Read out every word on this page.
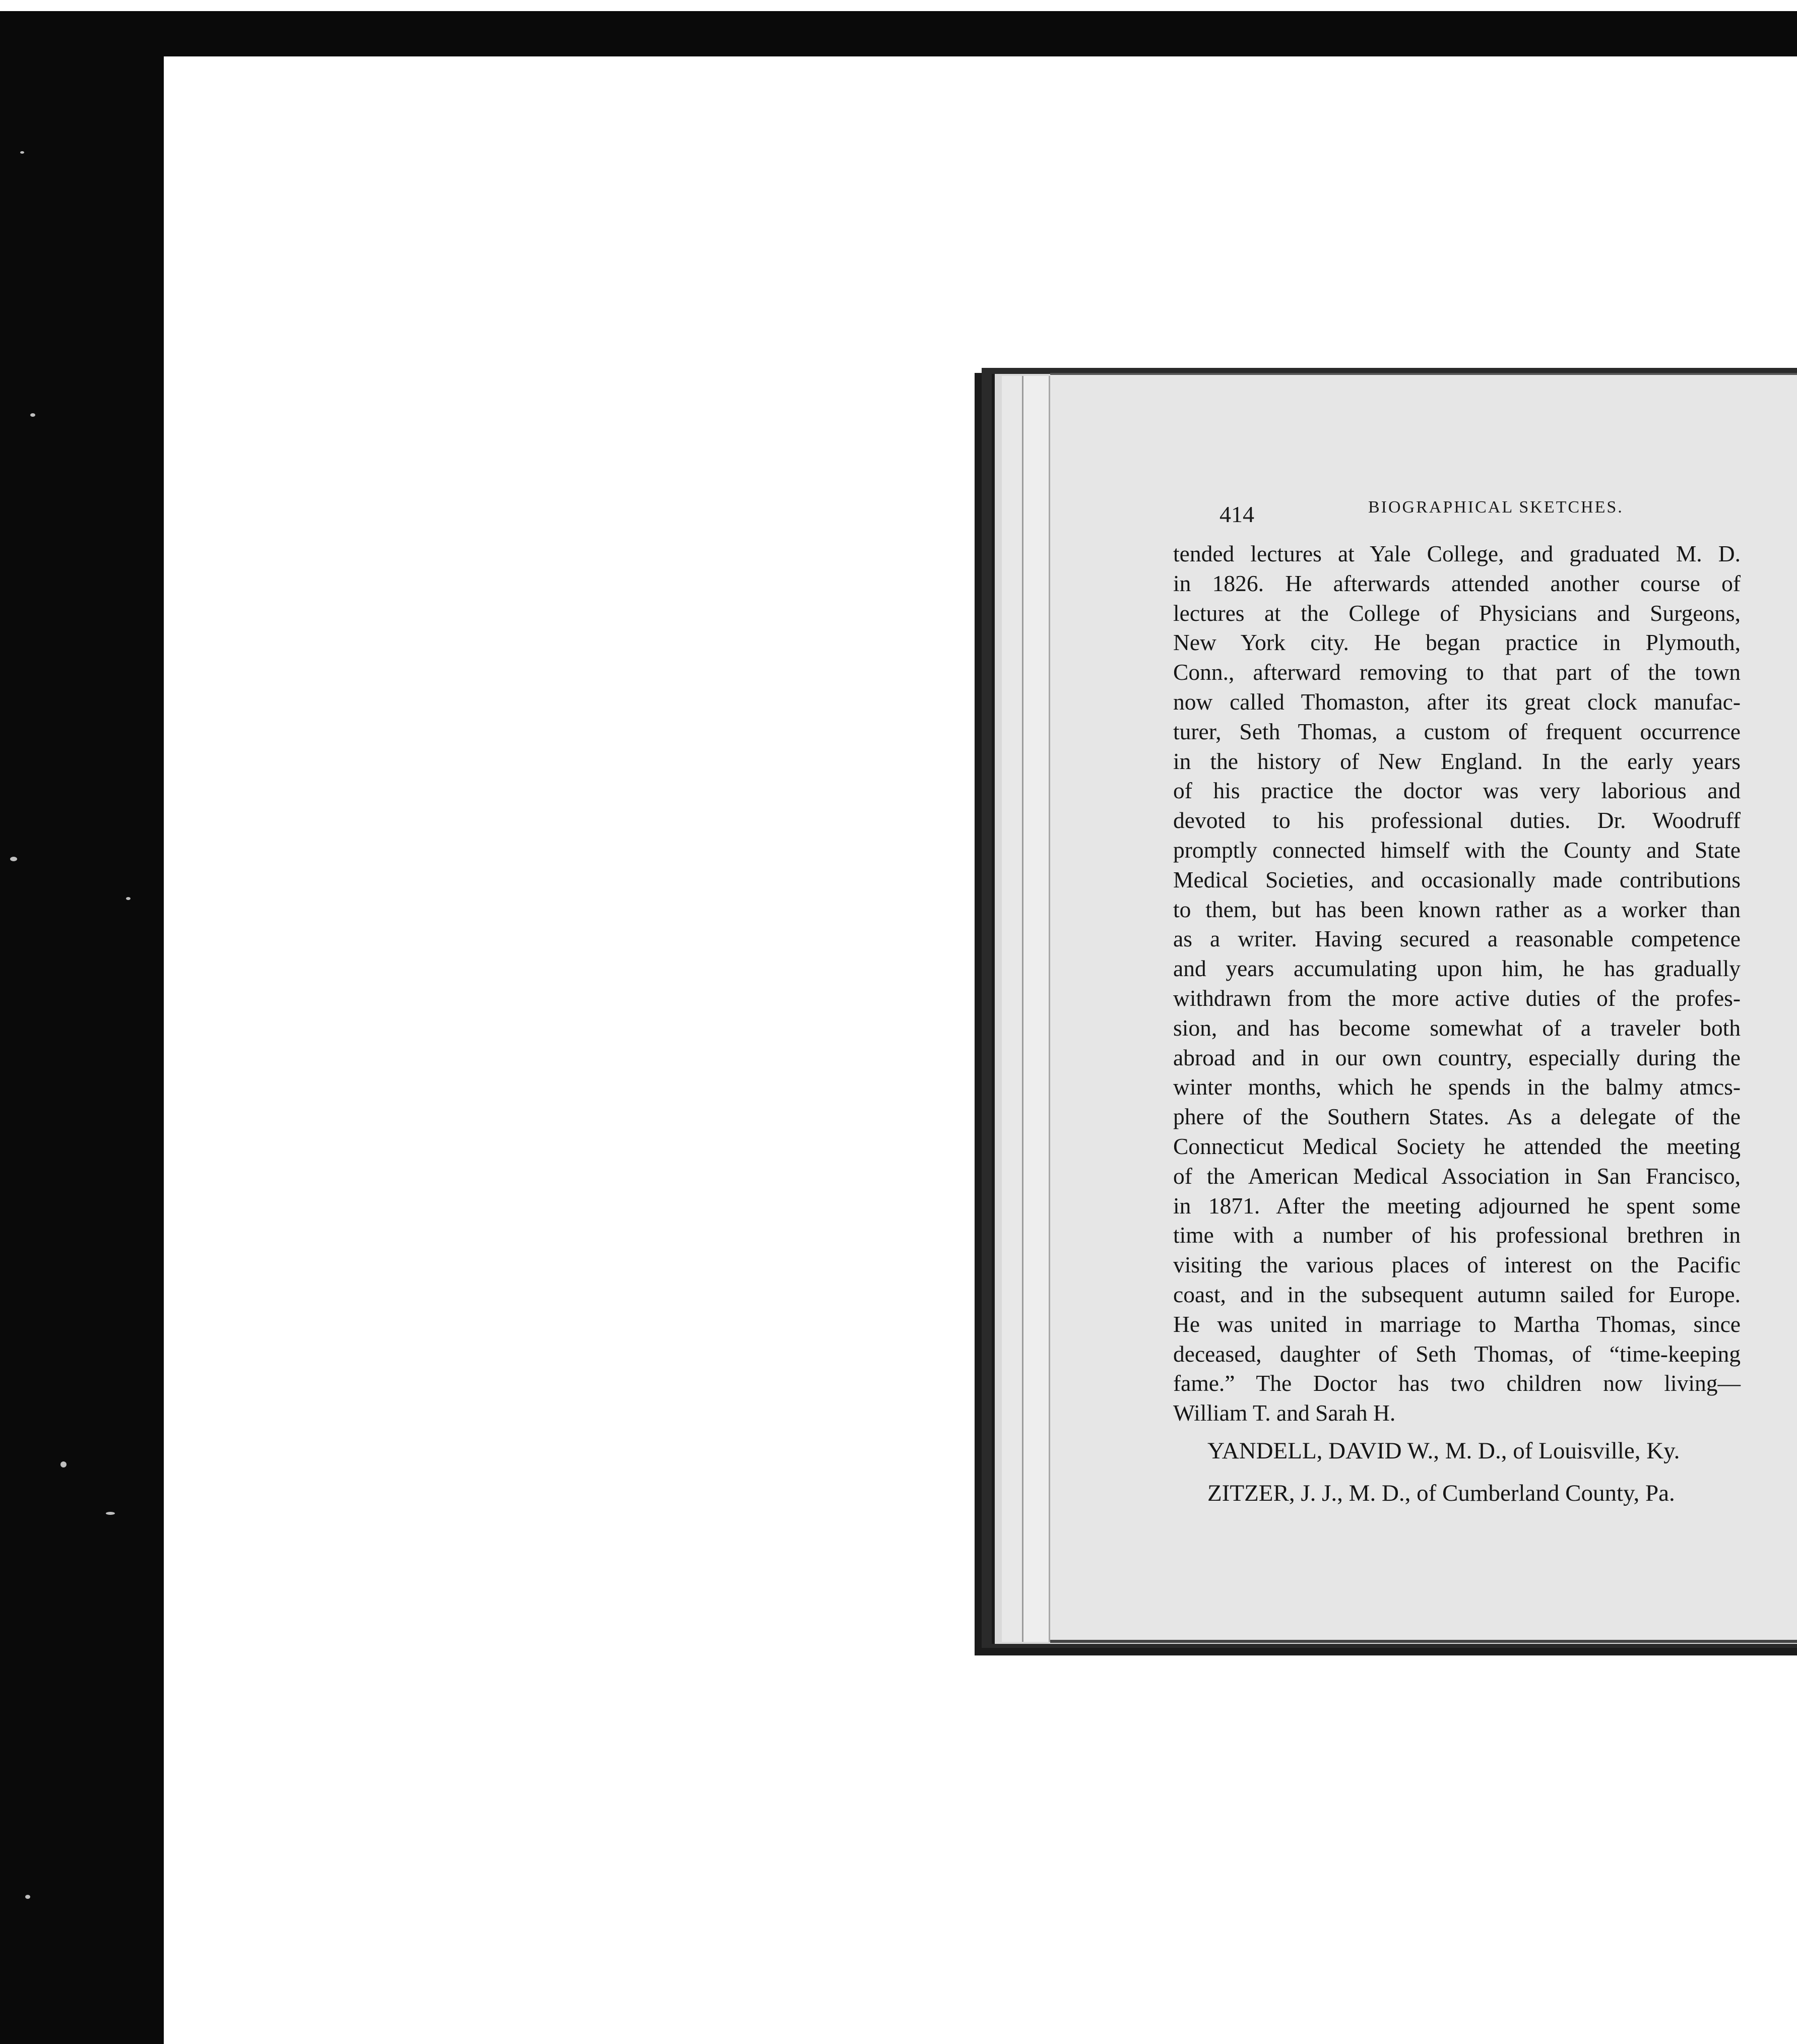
414	BIOGRAPHICAL SKETCHES.
tended lectures at Yale College, and graduated M. D.
in 1826. He afterwards attended another course of
lectures at the College of Physicians and Surgeons,
New York city. He began practice in Plymouth,
Conn., afterward removing to that part of the town
now called Thomaston, after its great clock manufac-
turer, Seth Thomas, a custom of frequent occurrence
in the history of New England. In the early years
of his practice the doctor was very laborious and
devoted to his professional duties. Dr. Woodruff
promptly connected himself with the County and State
Medical Societies, and occasionally made contributions
to them, but has been known rather as a worker than
as a writer. Having secured a reasonable competence
and years accumulating upon him, he has gradually
withdrawn from the more active duties of the profes-
sion, and has become somewhat of a traveler both
abroad and in our own country, especially during the
winter months, which he spends in the balmy atmcs-
phere of the Southern States. As a delegate of the
Connecticut Medical Society he attended the meeting
of the American Medical Association in San Francisco,
in 1871. After the meeting adjourned he spent some
time with a number of his professional brethren in
visiting the various places of interest on the Pacific
coast, and in the subsequent autumn sailed for Europe.
He was united in marriage to Martha Thomas, since
deceased, daughter of Seth Thomas, of “time-keeping
fame.” The Doctor has two children now living—
William T. and Sarah H.
YANDELL, DAVID W., M. D., of Louisville, Ky.
ZITZER, J. J., M. D., of Cumberland County, Pa.
